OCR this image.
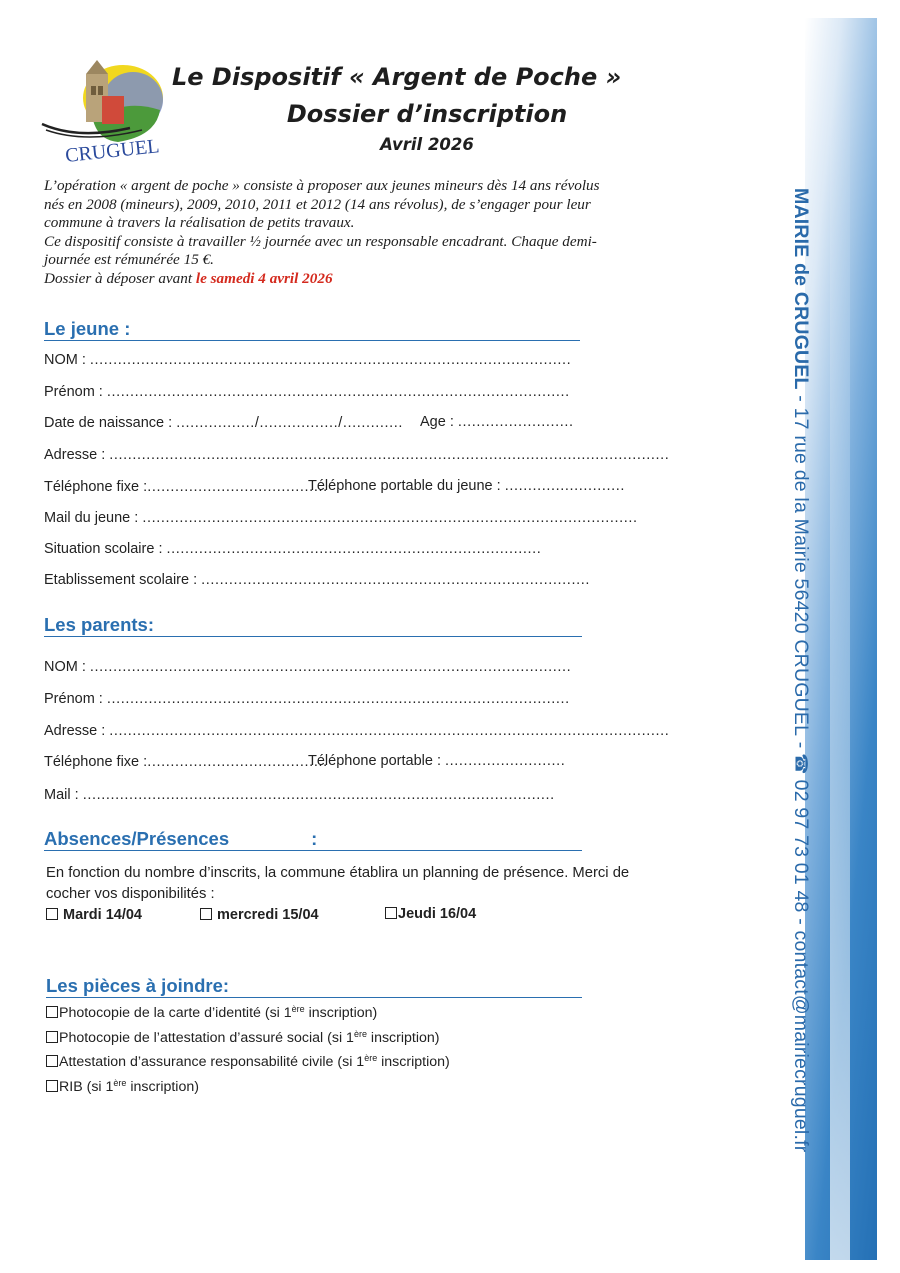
MAIRIE de CRUGUEL - 17 rue de la Mairie 56420 CRUGUEL - ☎ 02 97 73 01 48 - contact@mairiecruguel.fr
CRUGUEL
Le Dispositif « Argent de Poche »
Dossier d’inscription
Avril 2026
L’opération « argent de poche » consiste à proposer aux jeunes mineurs dès 14 ans révolus
nés en 2008 (mineurs), 2009, 2010, 2011 et 2012 (14 ans révolus), de s’engager pour leur
commune à travers la réalisation de petits travaux.
Ce dispositif consiste à travailler ½ journée avec un responsable encadrant. Chaque demi-
journée est rémunérée 15 €.
Dossier à déposer avant le samedi 4 avril 2026
Le jeune :
NOM : ........................................................................................................
Prénom : ....................................................................................................
Date de naissance : ................./................./............. Age : .........................
Adresse : .........................................................................................................................
Téléphone fixe :.......................................
Téléphone portable du jeune : ..........................
Mail du jeune : ...........................................................................................................
Situation scolaire : .................................................................................
Etablissement scolaire : ....................................................................................
Les parents:
NOM : ........................................................................................................
Prénom : ....................................................................................................
Adresse : .........................................................................................................................
Téléphone fixe :.......................................
Téléphone portable : ..........................
Mail : ......................................................................................................
Absences/Présences	:
En fonction du nombre d’inscrits, la commune établira un planning de présence. Merci de
cocher vos disponibilités :
Mardi 14/04	mercredi 15/04	Jeudi 16/04
Les pièces à joindre:
Photocopie de la carte d’identité (si 1ère inscription)
Photocopie de l’attestation d’assuré social (si 1ère inscription)
Attestation d’assurance responsabilité civile (si 1ère inscription)
RIB (si 1ère inscription)
